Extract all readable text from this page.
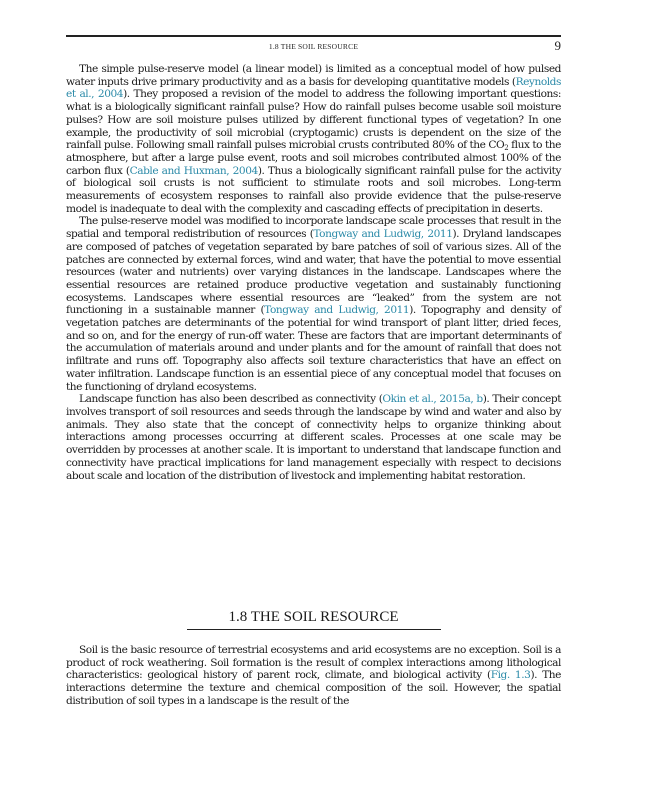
1.8 THE SOIL RESOURCE	9

The simple pulse-reserve model (a linear model) is limited as a conceptual model of how pulsed water inputs drive primary productivity and as a basis for developing quantitative models (Reynolds et al., 2004). They proposed a revision of the model to address the following important questions: what is a biologically significant rainfall pulse? How do rainfall pulses become usable soil moisture pulses? How are soil moisture pulses utilized by different functional types of vegetation? In one example, the productivity of soil microbial (cryptogamic) crusts is dependent on the size of the rainfall pulse. Following small rainfall pulses microbial crusts contributed 80% of the $CO_2$ flux to the atmosphere, but after a large pulse event, roots and soil microbes contributed almost 100% of the carbon flux (Cable and Huxman, 2004). Thus a biologically significant rainfall pulse for the activity of biological soil crusts is not sufficient to stimulate roots and soil microbes. Long-term measurements of ecosystem responses to rainfall also provide evidence that the pulse-reserve model is inadequate to deal with the complexity and cascading effects of precipitation in deserts.

The pulse-reserve model was modified to incorporate landscape scale processes that result in the spatial and temporal redistribution of resources (Tongway and Ludwig, 2011). Dryland landscapes are composed of patches of vegetation separated by bare patches of soil of various sizes. All of the patches are connected by external forces, wind and water, that have the potential to move essential resources (water and nutrients) over varying distances in the landscape. Landscapes where the essential resources are retained produce productive vegetation and sustainably functioning ecosystems. Landscapes where essential resources are “leaked” from the system are not functioning in a sustainable manner (Tongway and Ludwig, 2011). Topography and density of vegetation patches are determinants of the potential for wind transport of plant litter, dried feces, and so on, and for the energy of run-off water. These are factors that are important determinants of the accumulation of materials around and under plants and for the amount of rainfall that does not infiltrate and runs off. Topography also affects soil texture characteristics that have an effect on water infiltration. Landscape function is an essential piece of any conceptual model that focuses on the functioning of dryland ecosystems.

Landscape function has also been described as connectivity (Okin et al., 2015a, b). Their concept involves transport of soil resources and seeds through the landscape by wind and water and also by animals. They also state that the concept of connectivity helps to organize thinking about interactions among processes occurring at different scales. Processes at one scale may be overridden by processes at another scale. It is important to understand that landscape function and connectivity have practical implications for land management especially with respect to decisions about scale and location of the distribution of livestock and implementing habitat restoration.

1.8 THE SOIL RESOURCE

Soil is the basic resource of terrestrial ecosystems and arid ecosystems are no exception. Soil is a product of rock weathering. Soil formation is the result of complex interactions among lithological characteristics: geological history of parent rock, climate, and biological activity (Fig. 1.3). The interactions determine the texture and chemical composition of the soil. However, the spatial distribution of soil types in a landscape is the result of the
